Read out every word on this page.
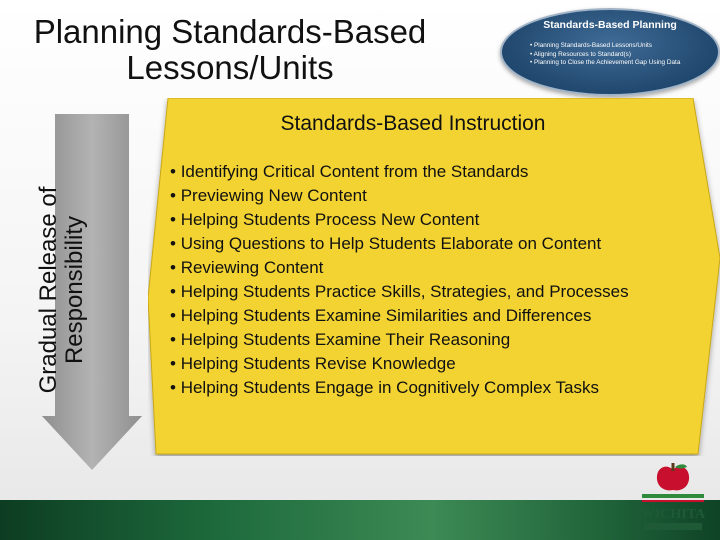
Planning Standards-Based
Lessons/Units
Standards-Based Planning
• Planning Standards-Based Lessons/Units
• Aligning Resources to Standard(s)
• Planning to Close the Achievement Gap Using Data
Gradual Release of Responsibility
Standards-Based Instruction
• Identifying Critical Content from the Standards
• Previewing New Content
• Helping Students Process New Content
• Using Questions to Help Students Elaborate on Content
• Reviewing Content
• Helping Students Practice Skills, Strategies, and Processes
• Helping Students Examine Similarities and Differences
• Helping Students Examine Their Reasoning
• Helping Students Revise Knowledge
• Helping Students Engage in Cognitively Complex Tasks
WICHITA
